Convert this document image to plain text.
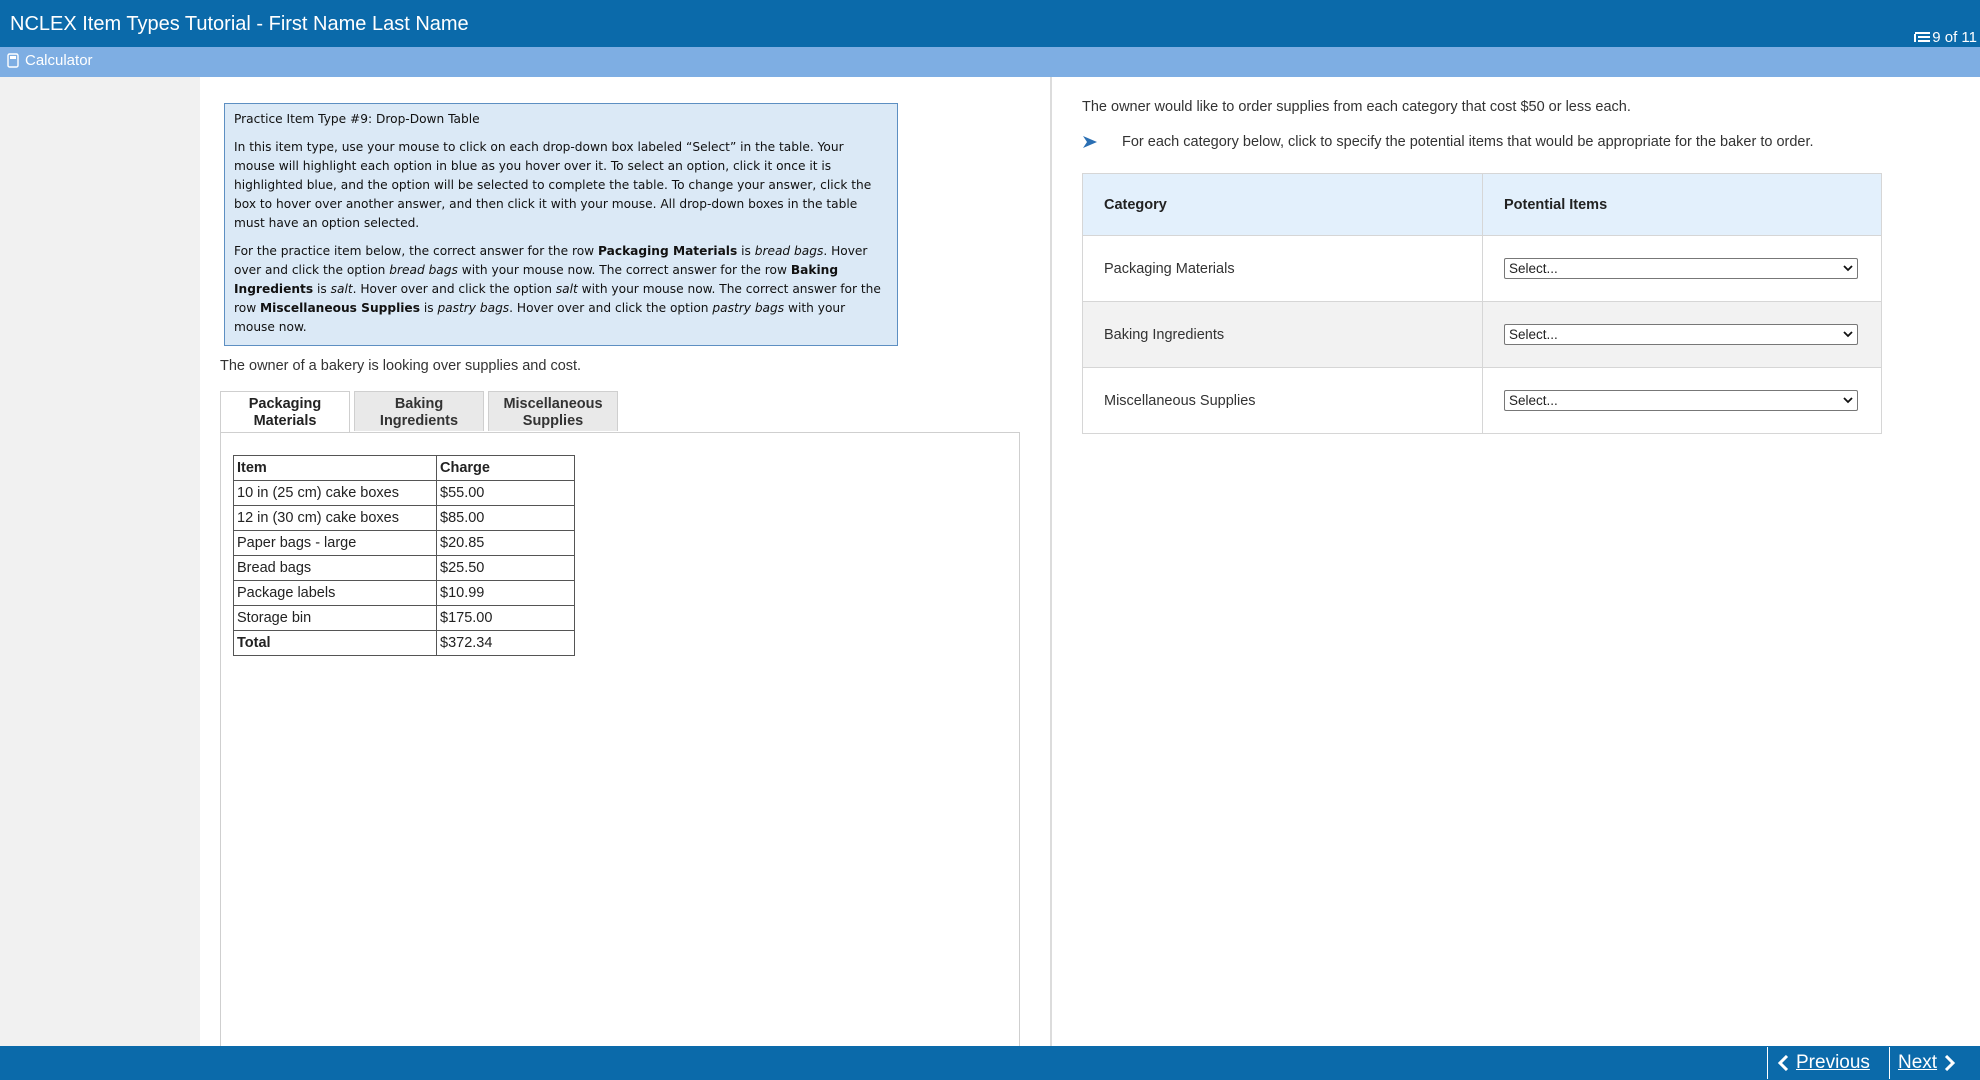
NCLEX Item Types Tutorial - First Name Last Name
9 of 11
Calculator

Practice Item Type #9: Drop-Down Table

In this item type, use your mouse to click on each drop-down box labeled “Select” in the table. Your mouse will highlight each option in blue as you hover over it. To select an option, click it once it is highlighted blue, and the option will be selected to complete the table. To change your answer, click the box to hover over another answer, and then click it with your mouse. All drop-down boxes in the table must have an option selected.

For the practice item below, the correct answer for the row Packaging Materials is bread bags. Hover over and click the option bread bags with your mouse now. The correct answer for the row Baking Ingredients is salt. Hover over and click the option salt with your mouse now. The correct answer for the row Miscellaneous Supplies is pastry bags. Hover over and click the option pastry bags with your mouse now.

The owner of a bakery is looking over supplies and cost.
Packaging
Materials
Baking
Ingredients
Miscellaneous
Supplies
Item	Charge
10 in (25 cm) cake boxes	$55.00
12 in (30 cm) cake boxes	$85.00
Paper bags - large	$20.85
Bread bags	$25.50
Package labels	$10.99
Storage bin	$175.00
Total	$372.34
The owner would like to order supplies from each category that cost $50 or less each.
For each category below, click to specify the potential items that would be appropriate for the baker to order.
Category	Potential Items
Packaging Materials	Select...

Baking Ingredients	Select...

Miscellaneous Supplies	Select...
Previous Next
